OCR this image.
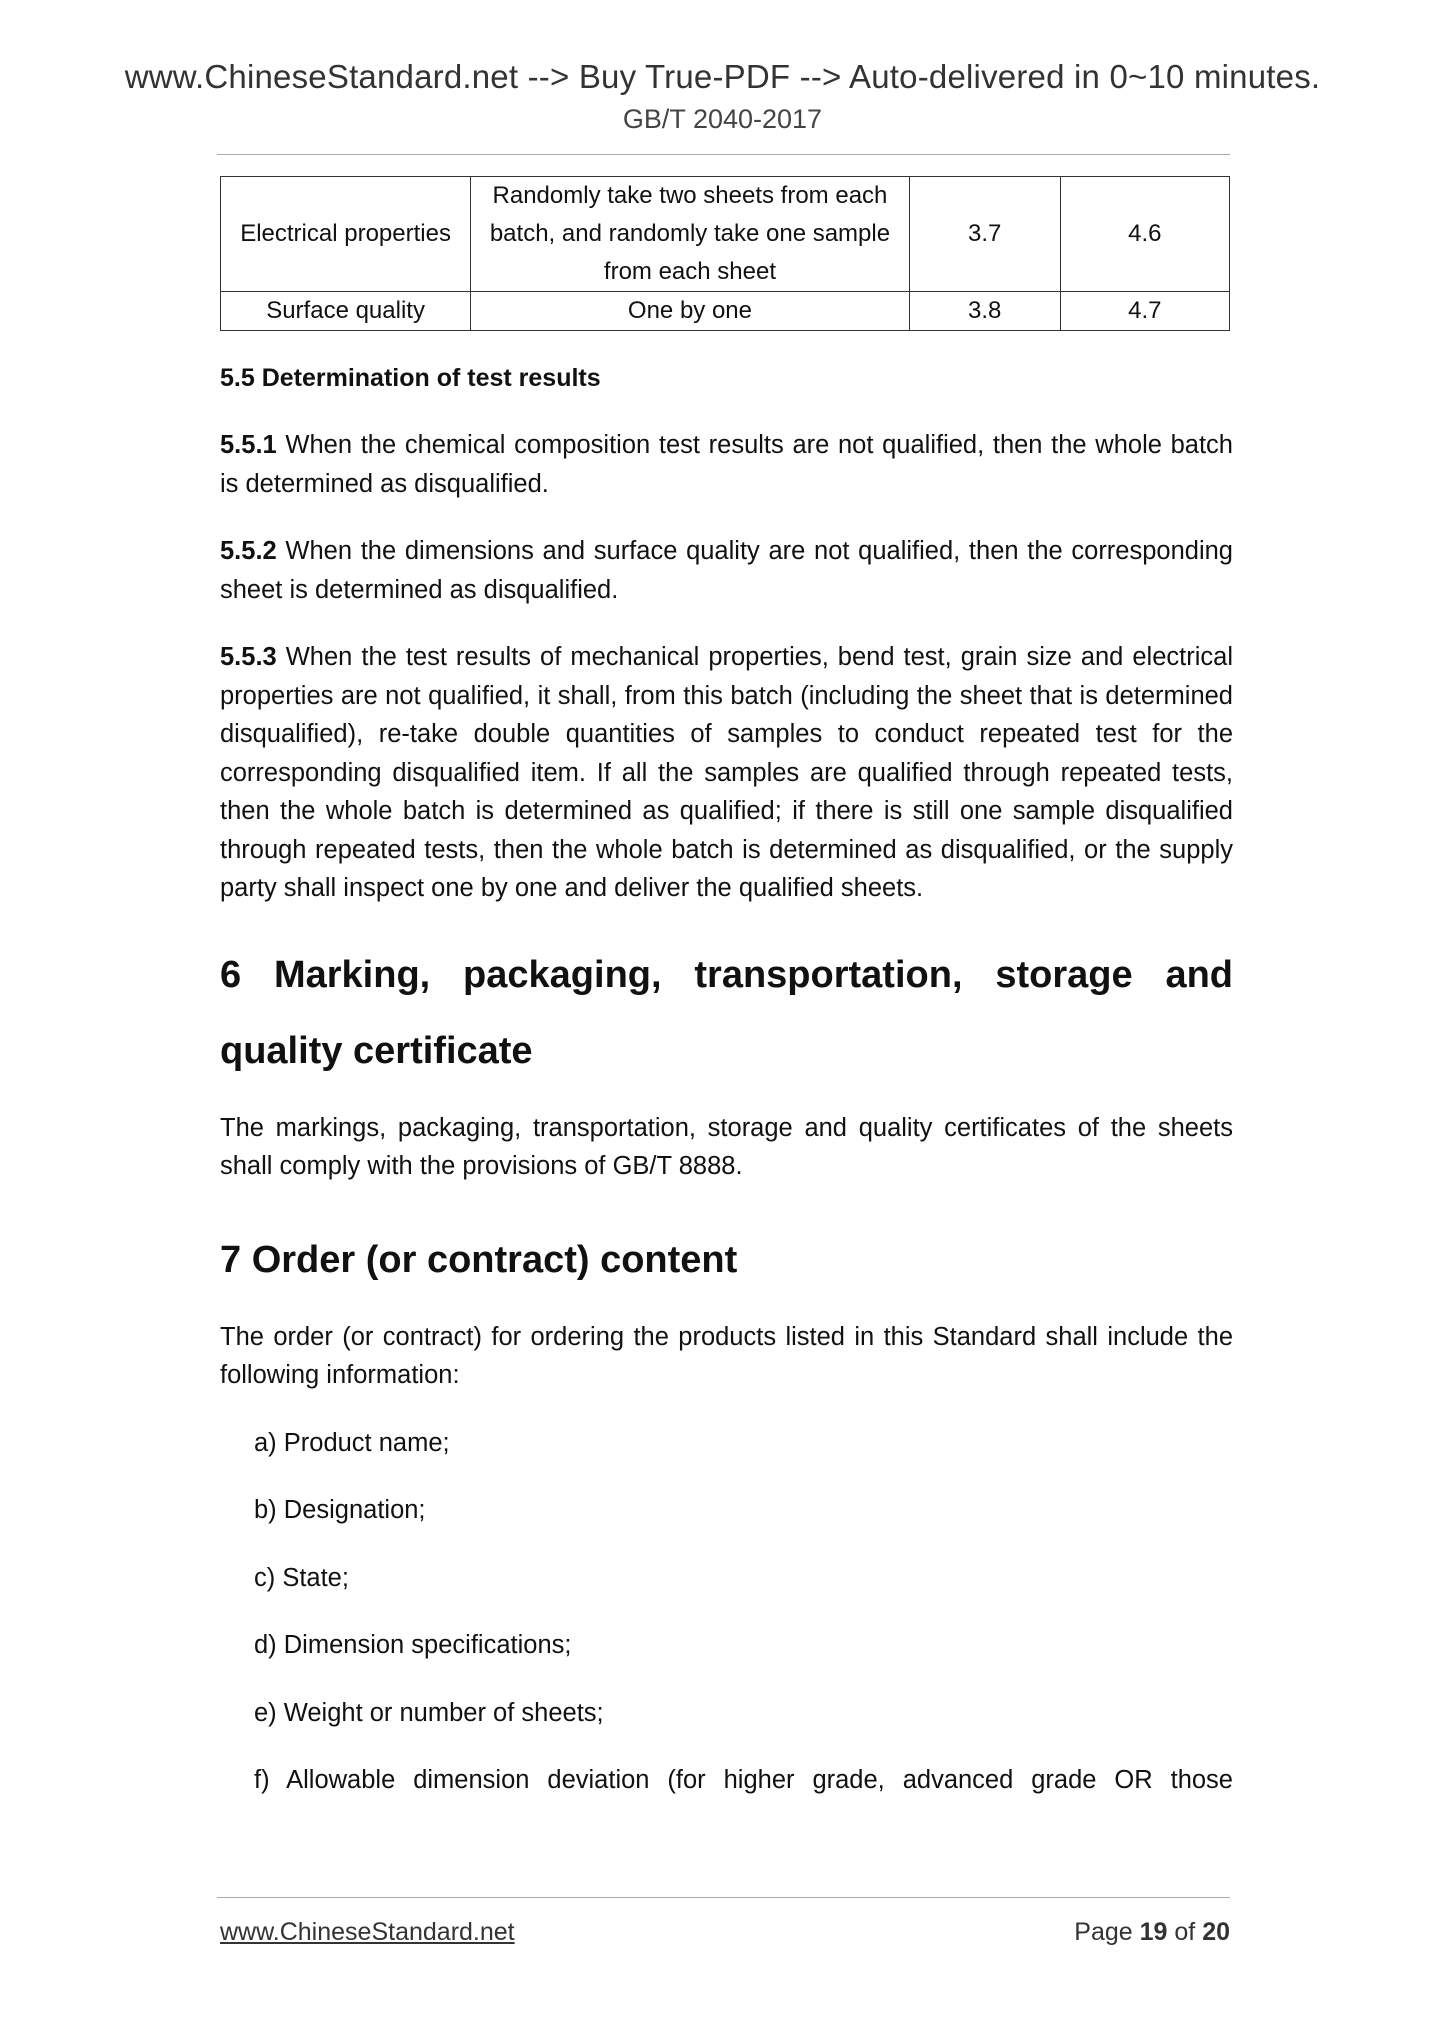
www.ChineseStandard.net --> Buy True-PDF --> Auto-delivered in 0~10 minutes.
GB/T 2040-2017
Electrical properties	Randomly take two sheets from each batch, and randomly take one sample from each sheet	3.7	4.6
Surface quality	One by one	3.8	4.7
5.5 Determination of test results
5.5.1 When the chemical composition test results are not qualified, then the whole batch is determined as disqualified.
5.5.2 When the dimensions and surface quality are not qualified, then the corresponding sheet is determined as disqualified.
5.5.3 When the test results of mechanical properties, bend test, grain size and electrical properties are not qualified, it shall, from this batch (including the sheet that is determined disqualified), re-take double quantities of samples to conduct repeated test for the corresponding disqualified item. If all the samples are qualified through repeated tests, then the whole batch is determined as qualified; if there is still one sample disqualified through repeated tests, then the whole batch is determined as disqualified, or the supply party shall inspect one by one and deliver the qualified sheets.
6 Marking, packaging, transportation, storage and
quality certificate
The markings, packaging, transportation, storage and quality certificates of the sheets shall comply with the provisions of GB/T 8888.
7 Order (or contract) content
The order (or contract) for ordering the products listed in this Standard shall include the following information:
a) Product name;
b) Designation;
c) State;
d) Dimension specifications;
e) Weight or number of sheets;
f) Allowable dimension deviation (for higher grade, advanced grade OR those
www.ChineseStandard.net	Page 19 of 20
